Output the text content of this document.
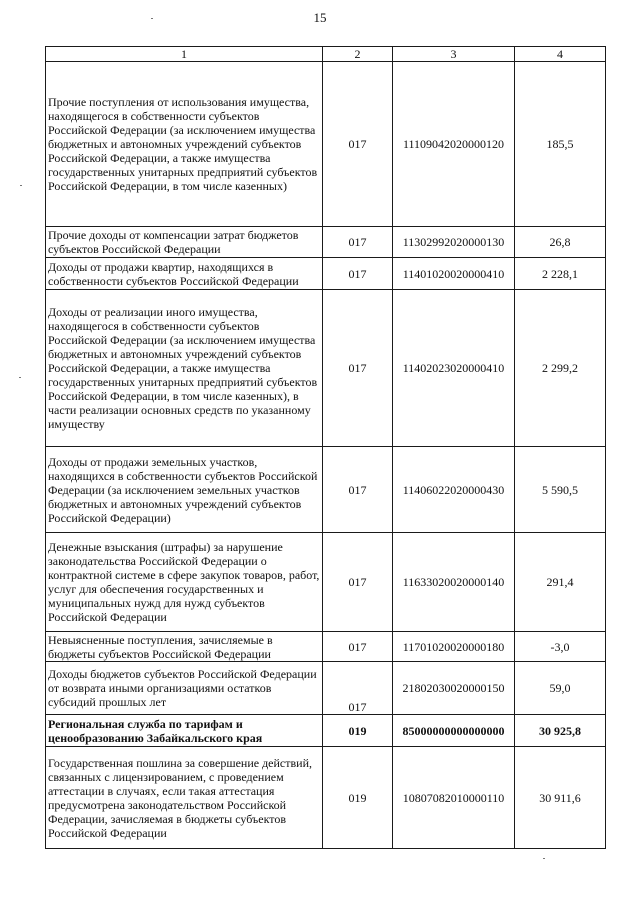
15
1	2	3	4
Прочие поступления от использования имущества, находящегося в собственности субъектов Российской Федерации (за исключением имущества бюджетных и автономных учреждений субъектов Российской Федерации, а также имущества государственных унитарных предприятий субъектов Российской Федерации, в том числе казенных)	017	11109042020000120	185,5
Прочие доходы от компенсации затрат бюджетов субъектов Российской Федерации	017	11302992020000130	26,8
Доходы от продажи квартир, находящихся в собственности субъектов Российской Федерации	017	11401020020000410	2 228,1
Доходы от реализации иного имущества, находящегося в собственности субъектов Российской Федерации (за исключением имущества бюджетных и автономных учреждений субъектов Российской Федерации, а также имущества государственных унитарных предприятий субъектов Российской Федерации, в том числе казенных), в части реализации основных средств по указанному имуществу	017	11402023020000410	2 299,2
Доходы от продажи земельных участков, находящихся в собственности субъектов Российской Федерации (за исключением земельных участков бюджетных и автономных учреждений субъектов Российской Федерации)	017	11406022020000430	5 590,5
Денежные взыскания (штрафы) за нарушение законодательства Российской Федерации о контрактной системе в сфере закупок товаров, работ, услуг для обеспечения государственных и муниципальных нужд для нужд субъектов Российской Федерации	017	11633020020000140	291,4
Невыясненные поступления, зачисляемые в бюджеты субъектов Российской Федерации	017	11701020020000180	-3,0
Доходы бюджетов субъектов Российской Федерации от возврата иными организациями остатков субсидий прошлых лет	017	21802030020000150	59,0
Региональная служба по тарифам и ценообразованию Забайкальского края	019	85000000000000000	30 925,8
Государственная пошлина за совершение действий, связанных с лицензированием, с проведением аттестации в случаях, если такая аттестация предусмотрена законодательством Российской Федерации, зачисляемая в бюджеты субъектов Российской Федерации	019	10807082010000110	30 911,6
